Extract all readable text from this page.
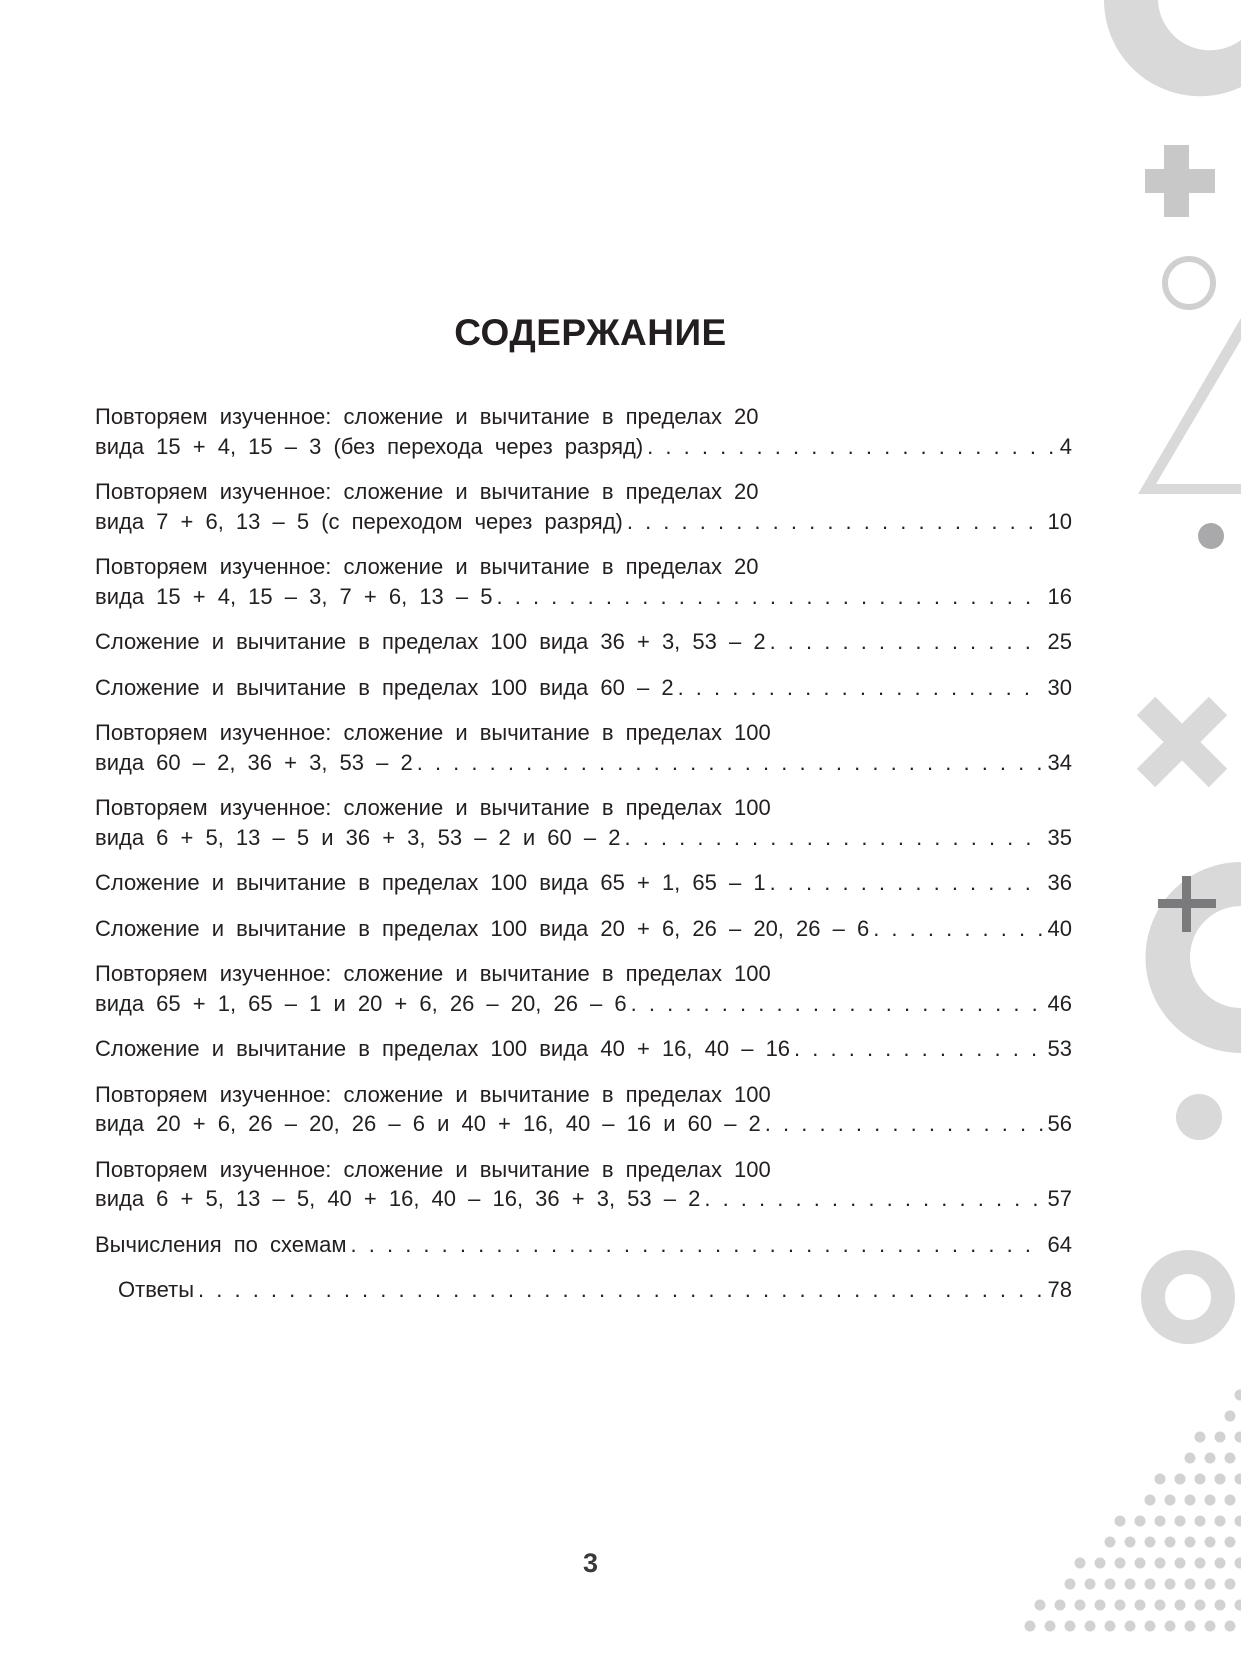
СОДЕРЖАНИЕ
Повторяем изученное: сложение и вычитание в пределах 20
вида 15 + 4, 15 – 3 (без перехода через разряд) . . .	4
Повторяем изученное: сложение и вычитание в пределах 20
вида 7 + 6, 13 – 5 (с переходом через разряд) . . .	10
Повторяем изученное: сложение и вычитание в пределах 20
вида 15 + 4, 15 – 3, 7 + 6, 13 – 5 . . .	16
Сложение и вычитание в пределах 100 вида 36 + 3, 53 – 2 . . .	25
Сложение и вычитание в пределах 100 вида 60 – 2 . . .	30
Повторяем изученное: сложение и вычитание в пределах 100
вида 60 – 2, 36 + 3, 53 – 2 . . .	34
Повторяем изученное: сложение и вычитание в пределах 100
вида 6 + 5, 13 – 5 и 36 + 3, 53 – 2 и 60 – 2 . . .	35
Сложение и вычитание в пределах 100 вида 65 + 1, 65 – 1 . . .	36
Сложение и вычитание в пределах 100 вида 20 + 6, 26 – 20, 26 – 6 . . .	40
Повторяем изученное: сложение и вычитание в пределах 100
вида 65 + 1, 65 – 1 и 20 + 6, 26 – 20, 26 – 6 . . .	46
Сложение и вычитание в пределах 100 вида 40 + 16, 40 – 16 . . .	53
Повторяем изученное: сложение и вычитание в пределах 100
вида 20 + 6, 26 – 20, 26 – 6 и 40 + 16, 40 – 16 и 60 – 2 . . .	56
Повторяем изученное: сложение и вычитание в пределах 100
вида 6 + 5, 13 – 5, 40 + 16, 40 – 16, 36 + 3, 53 – 2 . . .	57
Вычисления по схемам . . .	64
Ответы . . .	78
3
